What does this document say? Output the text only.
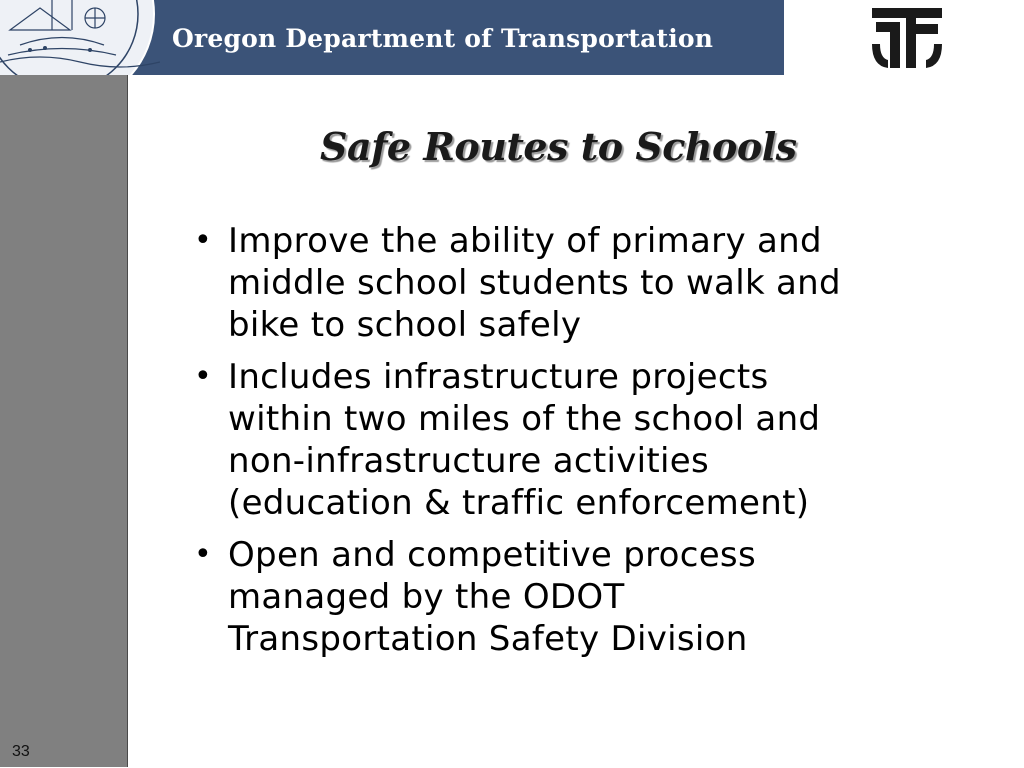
Oregon Department of Transportation
33
Safe Routes to Schools
• Improve the ability of primary and
middle school students to walk and
bike to school safely
• Includes infrastructure projects
within two miles of the school and
non-infrastructure activities
(education & traffic enforcement)
• Open and competitive process
managed by the ODOT
Transportation Safety Division
